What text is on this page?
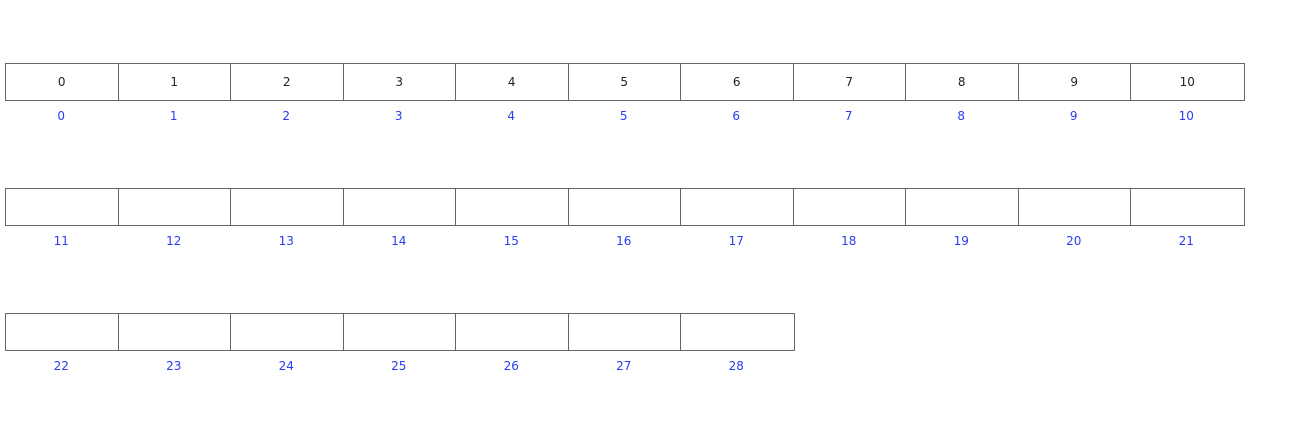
0	1	2	3	4	5	6	7	8	9	10
0	1	2	3	4	5	6	7	8	9	10
11	12	13	14	15	16	17	18	19	20	21
22	23	24	25	26	27	28
